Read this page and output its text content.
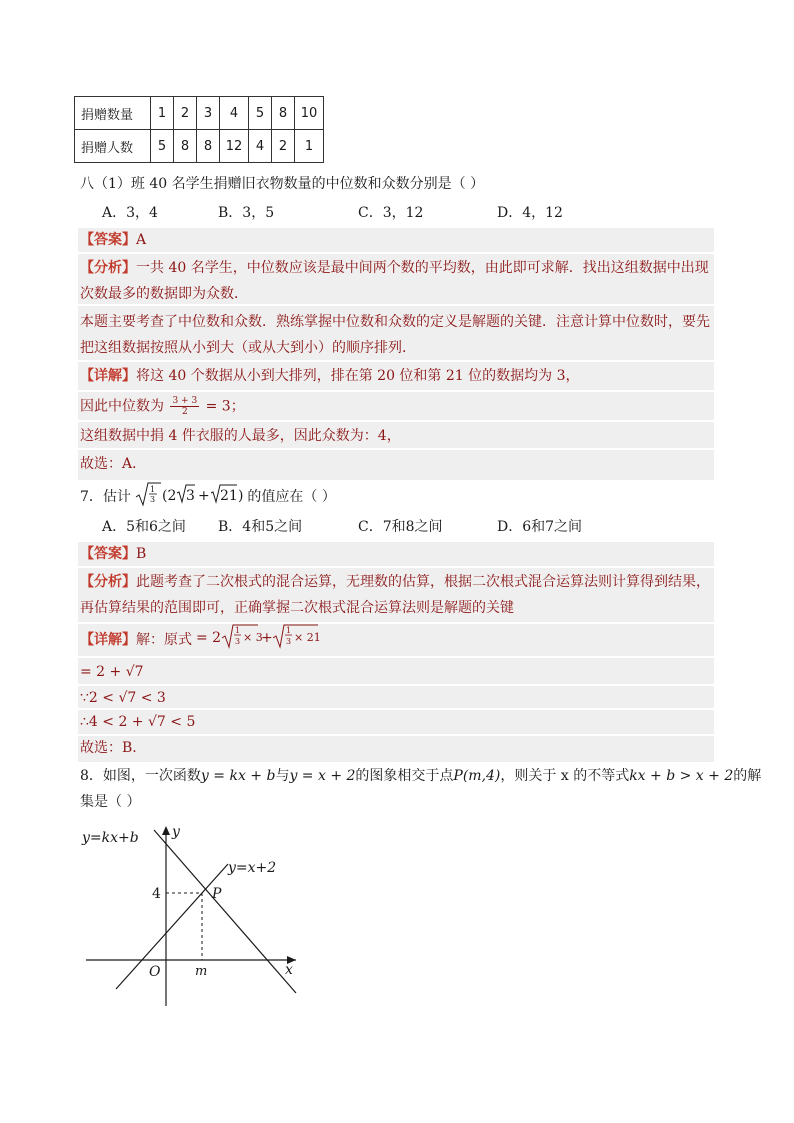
捐赠数量	1	2	3	4	5	8	10
捐赠人数	5	8	8	12	4	2	1
八（1）班 40 名学生捐赠旧衣物数量的中位数和众数分别是（ ）
A．3，4	B．3，5	C．3，12	D．4，12
【答案】A
【分析】一共 40 名学生，中位数应该是最中间两个数的平均数，由此即可求解．找出这组数据中出现
次数最多的数据即为众数．
本题主要考查了中位数和众数．熟练掌握中位数和众数的定义是解题的关键．注意计算中位数时，要先
把这组数据按照从小到大（或从大到小）的顺序排列．
【详解】将这 40 个数据从小到大排列，排在第 20 位和第 21 位的数据均为 3，
因此中位数为 $\frac{3 + 3}{2} = 3$；
这组数据中捐 4 件衣服的人最多，因此众数为：4，
故选：A．
7．估计 1
3 (2 3 + 21 ) 的值应在（ ）
A．5和6之间 B．4和5之间	C．7和8之间	D．6和7之间
【答案】B
【分析】此题考查了二次根式的混合运算，无理数的估算，根据二次根式混合运算法则计算得到结果，
再估算结果的范围即可，正确掌握二次根式混合运算法则是解题的关键
【详解】解：原式 = 2 1
3 × 3
+ 1
3 × 21
= 2 + √7
∵2 < √7 < 3
∴4 < 2 + √7 < 5
故选：B.
8．如图，一次函数y = kx + b与y = x + 2的图象相交于点P(m,4)，则关于 x 的不等式kx + b > x + 2的解
集是（ ）
y=kx+b y
y=x+2
4	P
O	m	x
